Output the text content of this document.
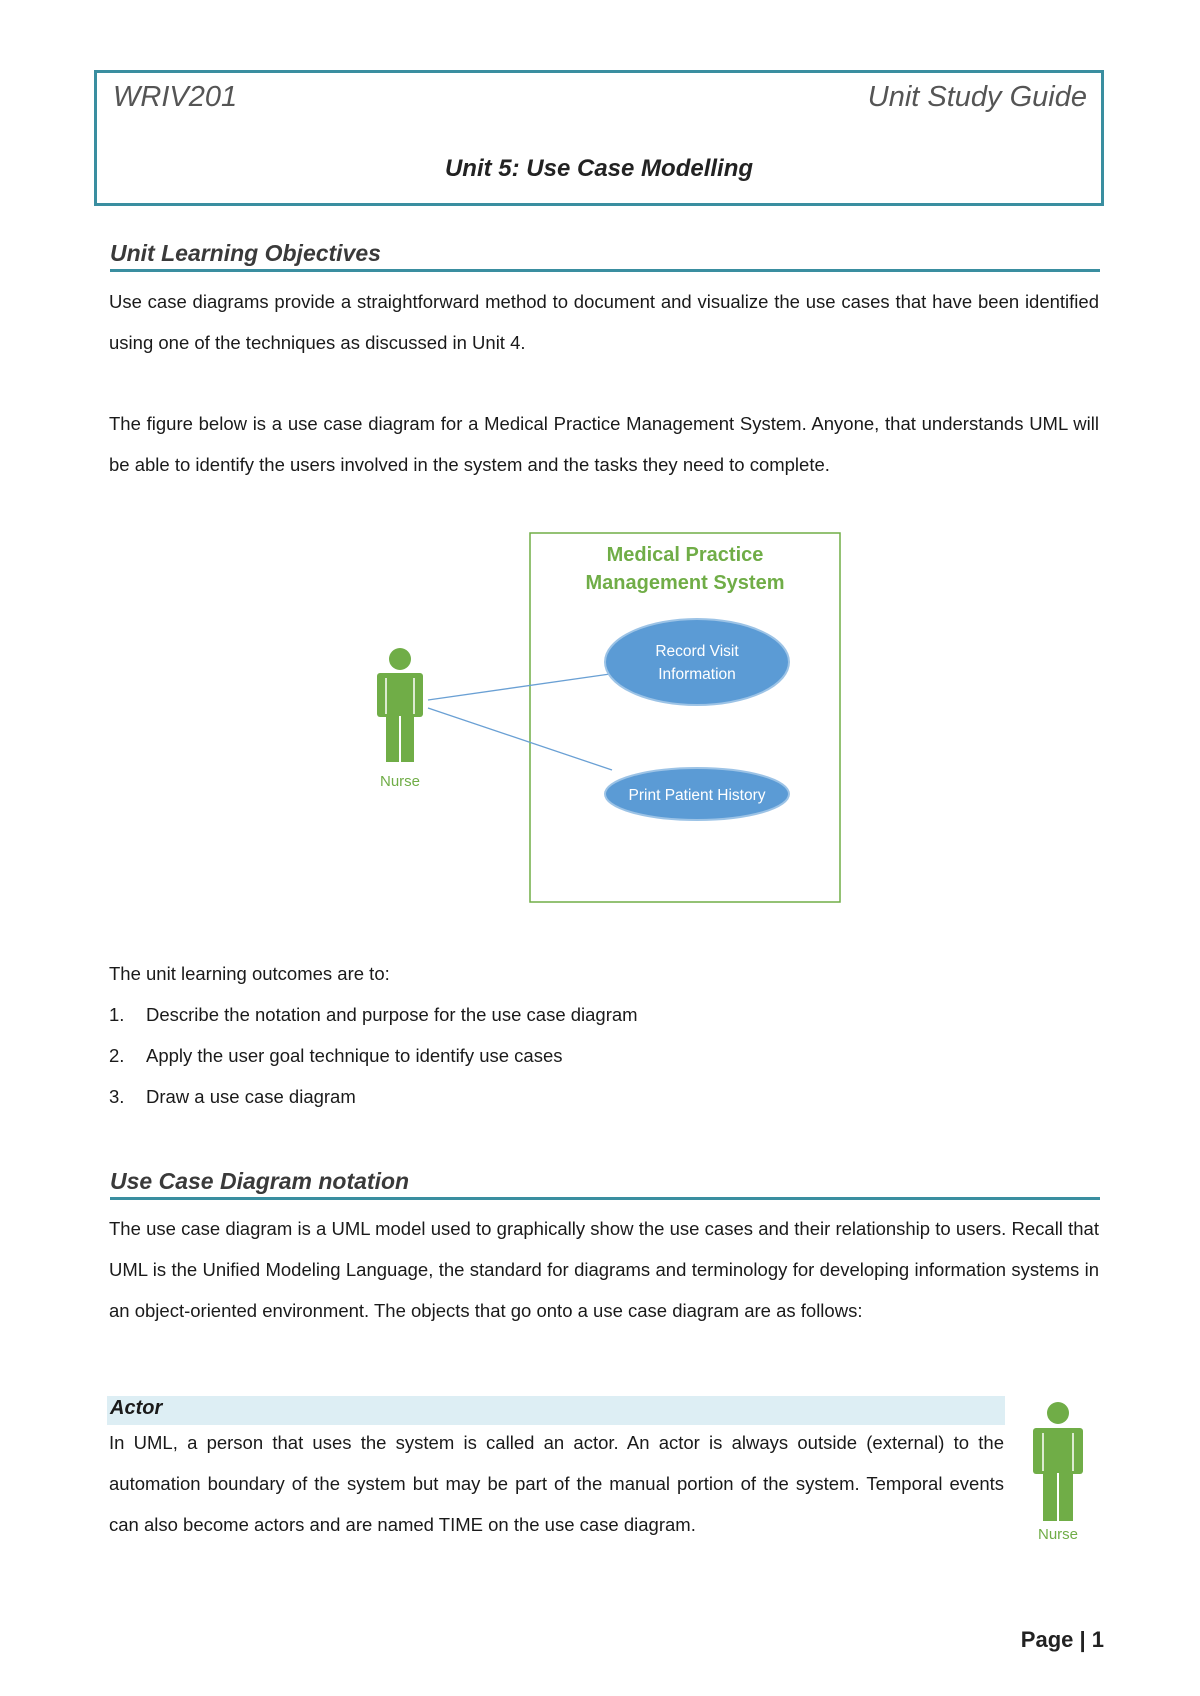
WRIV201	Unit Study Guide
Unit 5: Use Case Modelling
Unit Learning Objectives
Use case diagrams provide a straightforward method to document and visualize the use cases that have been identified using one of the techniques as discussed in Unit 4.
The figure below is a use case diagram for a Medical Practice Management System. Anyone, that understands UML will be able to identify the users involved in the system and the tasks they need to complete.
Medical Practice
Management System
Nurse
Record Visit
Information
Print Patient History
The unit learning outcomes are to:
1. Describe the notation and purpose for the use case diagram
2. Apply the user goal technique to identify use cases
3. Draw a use case diagram
Use Case Diagram notation
The use case diagram is a UML model used to graphically show the use cases and their relationship to users. Recall that UML is the Unified Modeling Language, the standard for diagrams and terminology for developing information systems in an object-oriented environment. The objects that go onto a use case diagram are as follows:
Actor
In UML, a person that uses the system is called an actor. An actor is always outside (external) to the automation boundary of the system but may be part of the manual portion of the system. Temporal events can also become actors and are named TIME on the use case diagram.	Nurse
Page | 1
